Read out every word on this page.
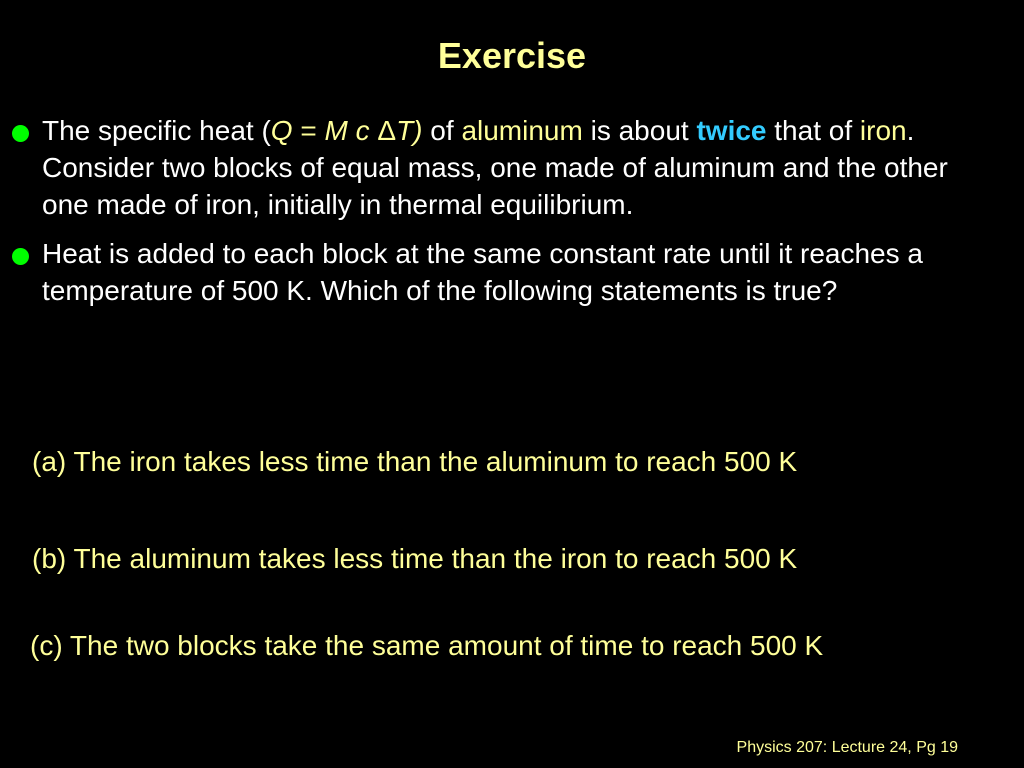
Exercise
The specific heat (Q = M c ΔT) of aluminum is about twice that of iron. Consider two blocks of equal mass, one made of aluminum and the other one made of iron, initially in thermal equilibrium.
Heat is added to each block at the same constant rate until it reaches a temperature of 500 K. Which of the following statements is true?
(a) The iron takes less time than the aluminum to reach 500 K
(b) The aluminum takes less time than the iron to reach 500 K
(c) The two blocks take the same amount of time to reach 500 K
Physics 207: Lecture 24, Pg 19
